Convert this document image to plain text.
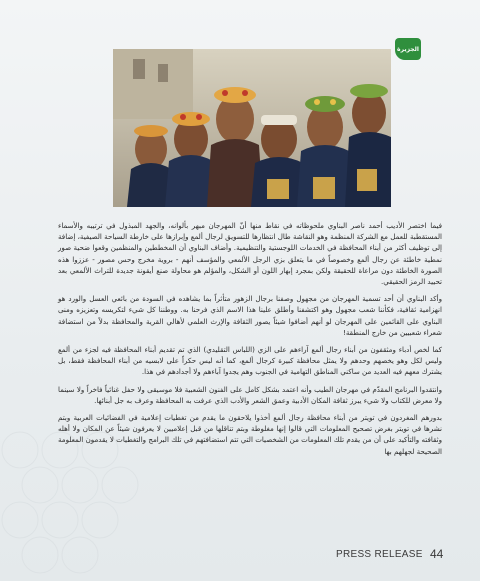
الجزيرة

فيما اختصر الأديب أحمد ناصر البناوي ملحوظاته في نقاط منها أنّ المهرجان مبهر بألوانه، والجهد المبذول في ترتيبه والأسماء المستقطبة للعمل مع الشركة المنظمة وهو النقاشة طال انتظارها للتسويق لرجال ألمع وإبرازها على خارطة السياحة الصيفية، إضافة إلى توظيف أكثر من أبناء المحافظة في الخدمات اللوجستية والتنظيمية. وأضاف البناوي أن المخططين والمنظمين وقعوا ضحية صور نمطية خاطئة عن رجال ألمع وخصوصاً في ما يتعلق بزي الرجل الألمعي والمؤسف أنهم - بروية مخرج وحس مصور - عززوا هذه الصورة الخاطئة دون مراعاة للحقيقة ولكن بمجرد إبهار اللون أو الشكل، والمؤلم هو محاولة صنع أيقونة جديدة للتراث الألمعي بعد تحييد الرمز الحقيقي.

وأكد البناوي أن أحد تسمية المهرجان من مجهول وصفنا برجال الزهور متأثراً بما يشاهده في السودة من بائعي العسل والورد هو انهزامية ثقافية، فكأننا شعب مجهول وهو اكتشفنا وأطلق علينا هذا الاسم الذي فرحنا به. ووطننا كل شيء لتكريسه وتعزيزه ومنى البناوي على القائمين على المهرجان لو أنهم أضافوا شيئاً يصور الثقافة والإرث العلمي لأهالي القرية والمحافظة بدلاً من استضافة شعراء شعبيين من خارج المنطقة!

كما لخص أدباء ومثقفون من أبناء رجال ألمع آراءهم على الزي (اللباس التقليدي) الذي تم تقديم أبناء المحافظة فيه لجزء من ألمع وليس لكل وهو يخصهم وحدهم ولا يمثل محافظة كبيرة كرجال ألمع، كما أنه ليس حكراً على لابسيه من أبناء المحافظة فقط، بل يشترك معهم فيه العديد من ساكني المناطق التهامية في الجنوب وهم يجدوا آباءهم ولا أجدادهم في هذا.

وانتقدوا البرنامج المقدّم في مهرجان الطيب وأنه اعتمد بشكل كامل على الفنون الشعبية فلا موسيقى ولا حفل غنائياً فاخراً ولا سينما ولا معرض للكتاب ولا شيء يبرز ثقافة المكان الأدبية وعمق الشعر والأدب الذي عرفت به المحافظة وعرف به جل أبنائها.

بدورهم المغردون في تويتر من أبناء محافظة رجال ألمع أخذوا يلاحقون ما يقدم من تغطيات إعلامية في الفضائيات العربية وبتم نشرها في تويتر بغرض تصحيح المعلومات التي قالوا إنها مغلوطة وبتم تناقلها من قبل إعلاميين لا يعرفون شيئاً عن المكان ولا أهله وثقافته والتأكيد على أن من يقدم تلك المعلومات من الشخصيات التي تتم استضافتهم في تلك البرامج والتغطيات لا يقدمون المعلومة الصحيحة لجهلهم بها

PRESS RELEASE 44
